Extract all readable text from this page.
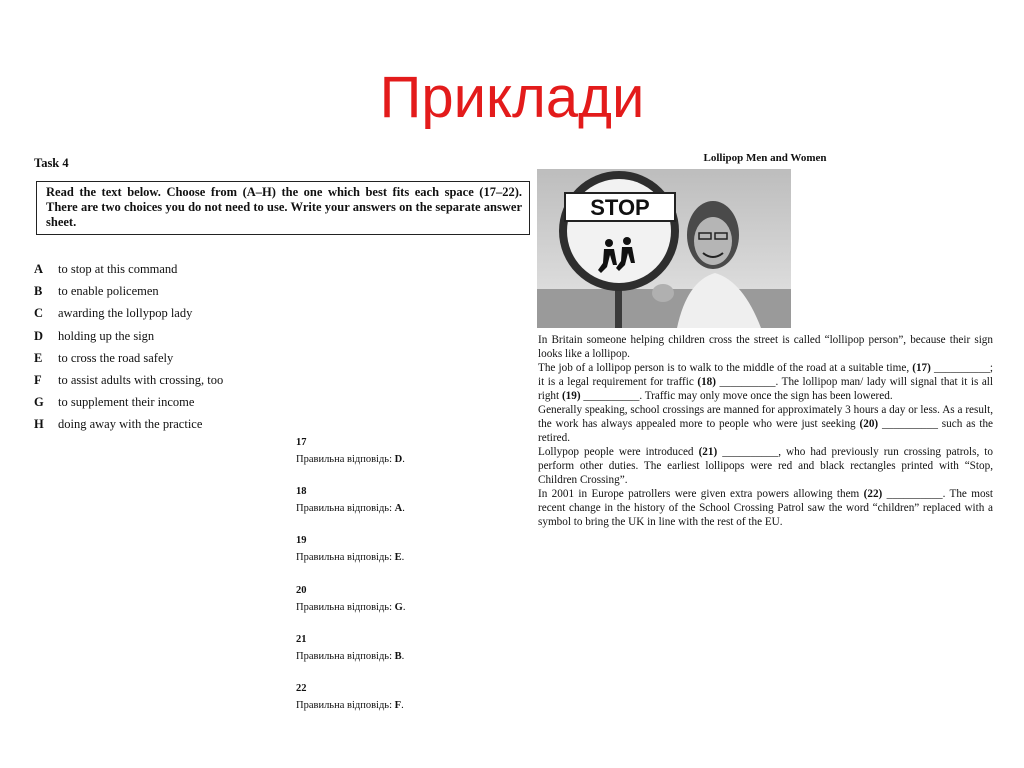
Приклади
Task 4
Read the text below. Choose from (A–H) the one which best fits each space (17–22). There are two choices you do not need to use. Write your answers on the separate answer sheet.
A	to stop at this command
B	to enable policemen
C	awarding the lollypop lady
D	holding up the sign
E	to cross the road safely
F	to assist adults with crossing, too
G	to supplement their income
H	doing away with the practice
17
Правильна відповідь: D.
18
Правильна відповідь: A.
19
Правильна відповідь: E.
20
Правильна відповідь: G.
21
Правильна відповідь: B.
22
Правильна відповідь: F.
Lollipop Men and Women
STOP

In Britain someone helping children cross the street is called “lollipop person”, because their sign looks like a lollipop.

The job of a lollipop person is to walk to the middle of the road at a suitable time, (17) __________; it is a legal requirement for traffic (18) __________. The lollipop man/ lady will signal that it is all right (19) __________. Traffic may only move once the sign has been lowered.

Generally speaking, school crossings are manned for approximately 3 hours a day or less. As a result, the work has always appealed more to people who were just seeking (20) __________ such as the retired.

Lollypop people were introduced (21) __________, who had previously run crossing patrols, to perform other duties. The earliest lollipops were red and black rectangles printed with “Stop, Children Crossing”.

In 2001 in Europe patrollers were given extra powers allowing them (22) __________. The most recent change in the history of the School Crossing Patrol saw the word “children” replaced with a symbol to bring the UK in line with the rest of the EU.
